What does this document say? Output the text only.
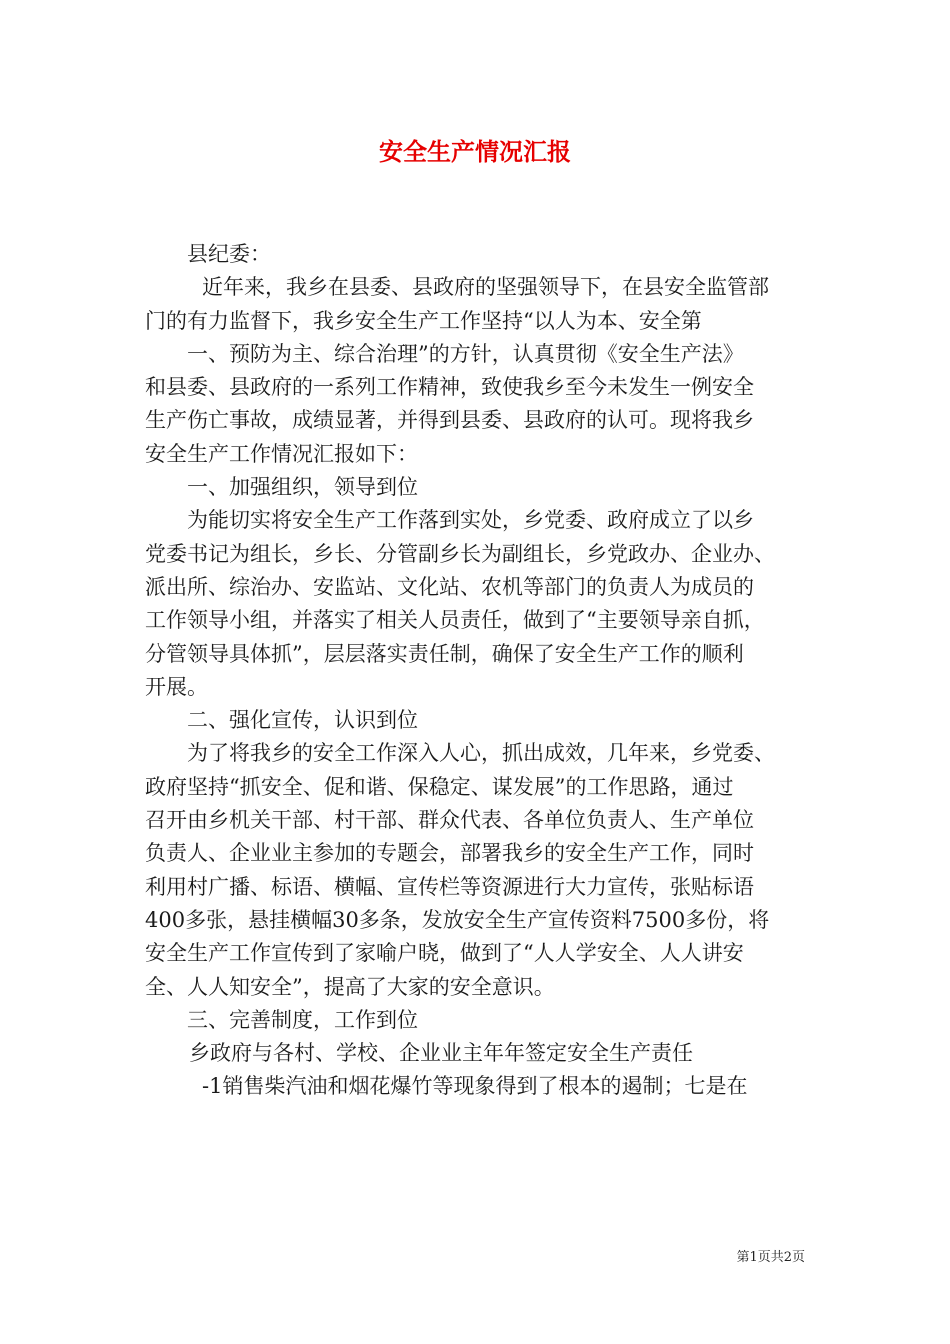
安全生产情况汇报
县纪委：
近年来，我乡在县委、县政府的坚强领导下，在县安全监管部
门的有力监督下，我乡安全生产工作坚持“以人为本、安全第
一、预防为主、综合治理”的方针，认真贯彻《安全生产法》
和县委、县政府的一系列工作精神，致使我乡至今未发生一例安全
生产伤亡事故，成绩显著，并得到县委、县政府的认可。现将我乡
安全生产工作情况汇报如下：
一、加强组织，领导到位
为能切实将安全生产工作落到实处，乡党委、政府成立了以乡
党委书记为组长，乡长、分管副乡长为副组长，乡党政办、企业办、
派出所、综治办、安监站、文化站、农机等部门的负责人为成员的
工作领导小组，并落实了相关人员责任，做到了“主要领导亲自抓，
分管领导具体抓”，层层落实责任制，确保了安全生产工作的顺利
开展。
二、强化宣传，认识到位
为了将我乡的安全工作深入人心，抓出成效，几年来，乡党委、
政府坚持“抓安全、促和谐、保稳定、谋发展”的工作思路，通过
召开由乡机关干部、村干部、群众代表、各单位负责人、生产单位
负责人、企业业主参加的专题会，部署我乡的安全生产工作，同时
利用村广播、标语、横幅、宣传栏等资源进行大力宣传，张贴标语
400多张，悬挂横幅30多条，发放安全生产宣传资料7500多份，将
安全生产工作宣传到了家喻户晓，做到了“人人学安全、人人讲安
全、人人知安全”，提高了大家的安全意识。
三、完善制度，工作到位
乡政府与各村、学校、企业业主年年签定安全生产责任
-1销售柴汽油和烟花爆竹等现象得到了根本的遏制；七是在
第1页共2页
